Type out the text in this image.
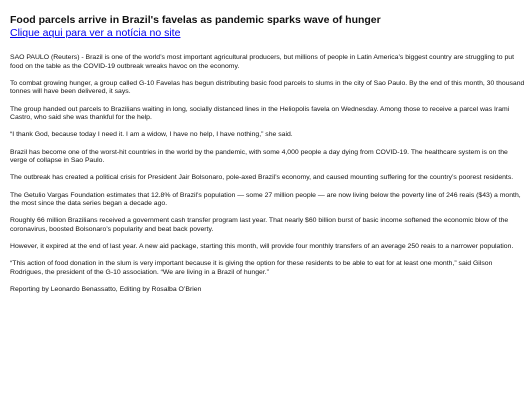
Food parcels arrive in Brazil's favelas as pandemic sparks wave of hunger
Clique aqui para ver a notícia no site

SAO PAULO (Reuters) - Brazil is one of the world’s most important agricultural producers, but millions of people in Latin America’s biggest country are struggling to put food on the table as the COVID-19 outbreak wreaks havoc on the economy.

To combat growing hunger, a group called G-10 Favelas has begun distributing basic food parcels to slums in the city of Sao Paulo. By the end of this month, 30 thousand tonnes will have been delivered, it says.

The group handed out parcels to Brazilians waiting in long, socially distanced lines in the Heliopolis favela on Wednesday. Among those to receive a parcel was Irami Castro, who said she was thankful for the help.

“I thank God, because today I need it. I am a widow, I have no help, I have nothing,” she said.

Brazil has become one of the worst-hit countries in the world by the pandemic, with some 4,000 people a day dying from COVID-19. The healthcare system is on the verge of collapse in Sao Paulo.

The outbreak has created a political crisis for President Jair Bolsonaro, pole-axed Brazil’s economy, and caused mounting suffering for the country’s poorest residents.

The Getulio Vargas Foundation estimates that 12.8% of Brazil’s population — some 27 million people — are now living below the poverty line of 246 reais ($43) a month, the most since the data series began a decade ago.

Roughly 66 million Brazilians received a government cash transfer program last year. That nearly $60 billion burst of basic income softened the economic blow of the coronavirus, boosted Bolsonaro’s popularity and beat back poverty.

However, it expired at the end of last year. A new aid package, starting this month, will provide four monthly transfers of an average 250 reais to a narrower population.

“This action of food donation in the slum is very important because it is giving the option for these residents to be able to eat for at least one month,” said Gilson Rodrigues, the president of the G-10 association. “We are living in a Brazil of hunger.”

Reporting by Leonardo Benassatto, Editing by Rosalba O’Brien
